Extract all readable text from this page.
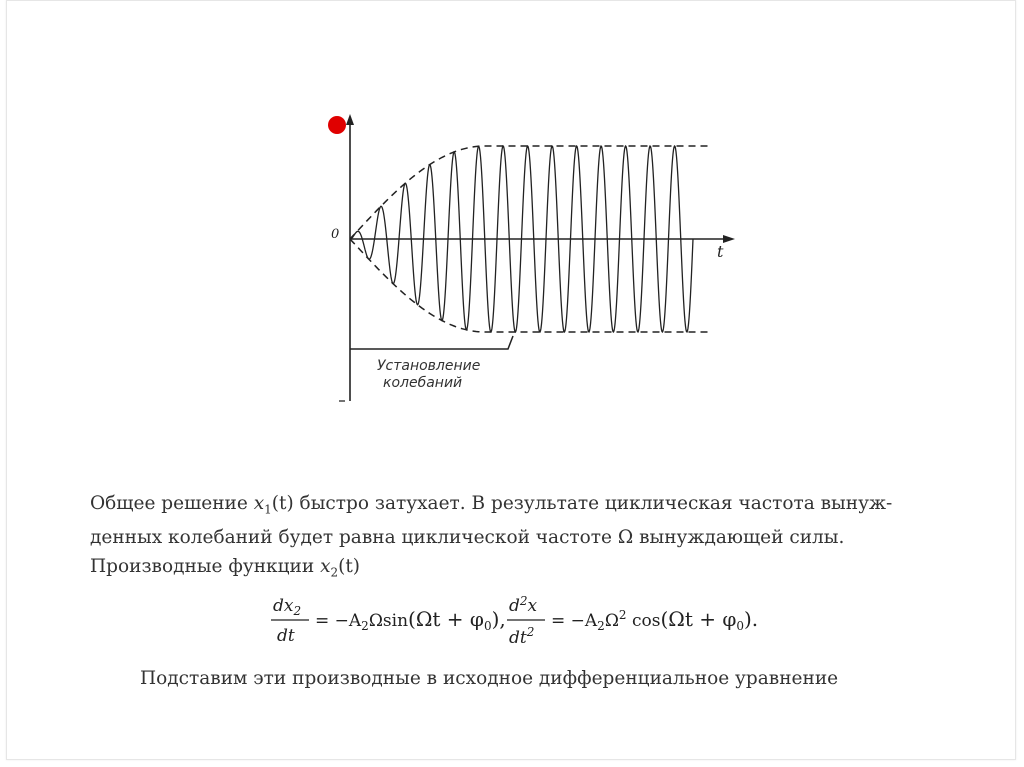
0
t
Установление
колебаний

Общее решение $x_1(t)$ быстро затухает. В результате циклическая частота вынуж-
денных колебаний будет равна циклической частоте Ω вынуждающей силы.

Производные функции $x_2(t)$

$dx_2$
dt
= $-A_2\Omega\sin(\Omega t + \varphi_0)$,
$d^2x$
$dt^2$
= $-A_2\Omega^2$ $\cos(\Omega t + \varphi_0)$.

Подставим эти производные в исходное дифференциальное уравнение
